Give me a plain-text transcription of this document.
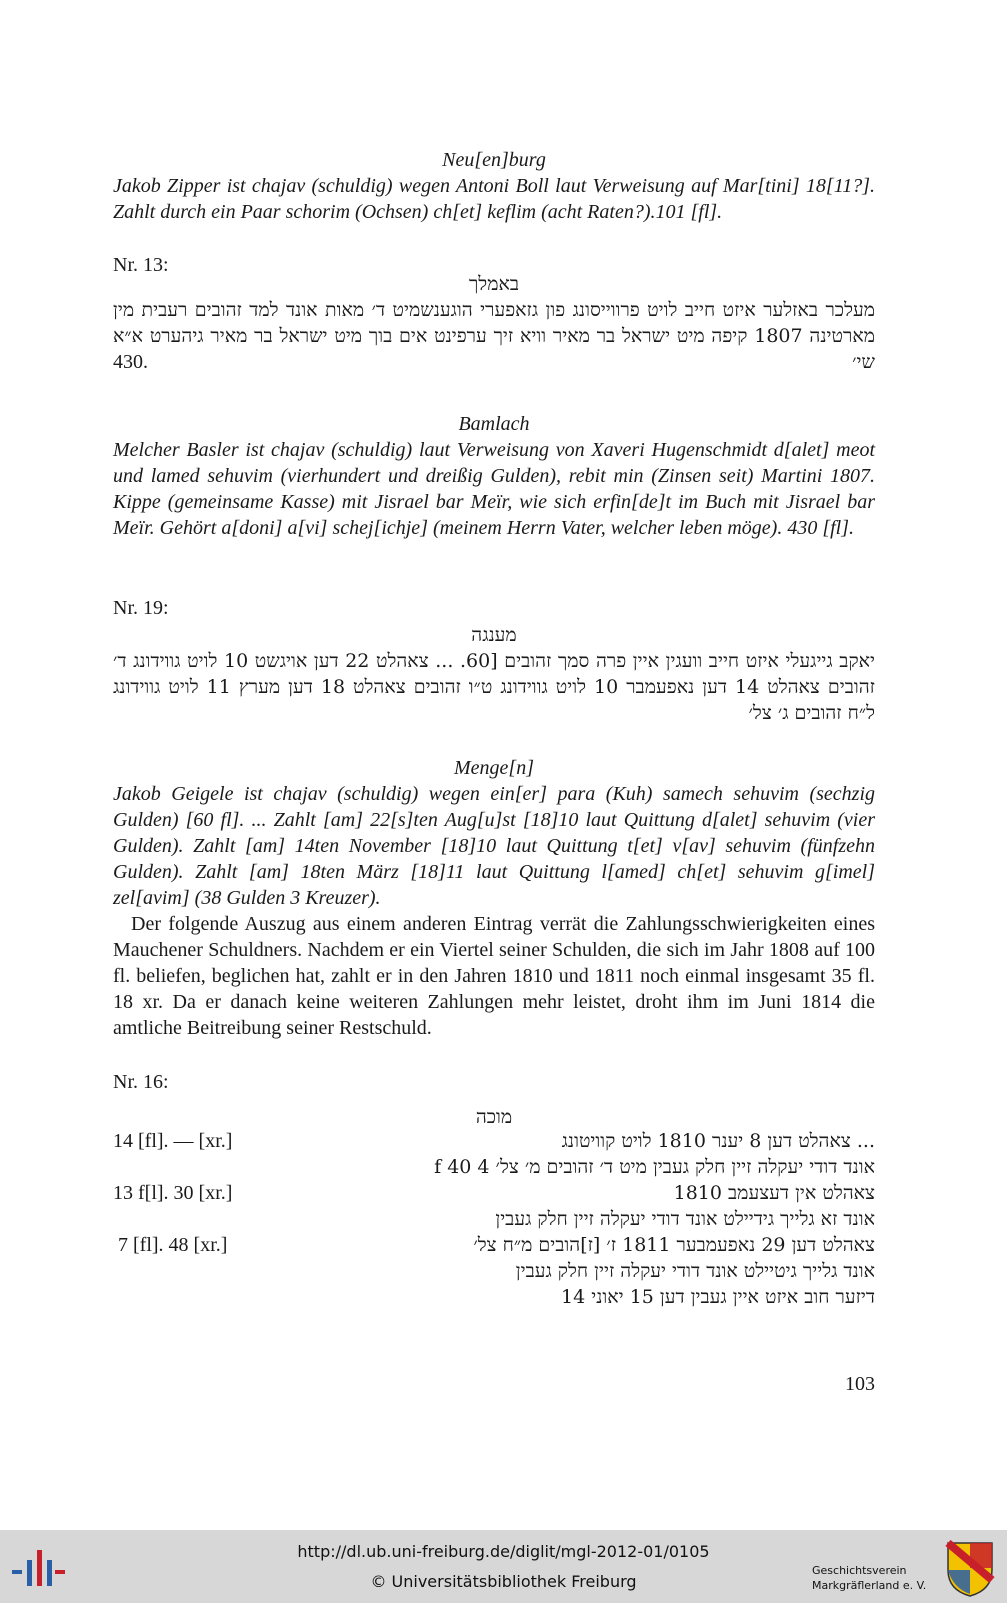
Neu[en]burg
Jakob Zipper ist chajav (schuldig) wegen Antoni Boll laut Verweisung auf Mar[tini] 18[11?]. Zahlt durch ein Paar schorim (Ochsen) ch[et] keflim (acht Raten?).101 [fl].
Nr. 13:
באמלך
מעלכר באזלער איזט חייב לויט פרווייסונג פון גזאפערי הוגענשמיט ד׳ מאות אונד למד זהובים רעבית מין מארטינה 1807 קיפה מיט ישראל בר מאיר וויא זיך ערפינט אים בוך מיט ישראל בר מאיר גיהערט א״א שי׳
430.
Bamlach
Melcher Basler ist chajav (schuldig) laut Verweisung von Xaveri Hugenschmidt d[alet] meot und lamed sehuvim (vierhundert und dreißig Gulden), rebit min (Zinsen seit) Martini 1807. Kippe (gemeinsame Kasse) mit Jisrael bar Meïr, wie sich erfin[de]t im Buch mit Jisrael bar Meïr. Gehört a[doni] a[vi] schej[ichje] (meinem Herrn Vater, welcher leben möge). 430 [fl].
Nr. 19:
מענגה
יאקב גייגעלי איזט חייב וועגין איין פרה סמך זהובים [60. ... צאהלט 22 דען אויגשט 10 לויט גווידונג ד׳ זהובים צאהלט 14 דען נאפעמבר 10 לויט גווידונג ט״ו זהובים צאהלט 18 דען מערץ 11 לויט גווידונג ל״ח זהובים ג׳ צל׳
Menge[n]
Jakob Geigele ist chajav (schuldig) wegen ein[er] para (Kuh) samech sehuvim (sechzig Gulden) [60 fl]. ... Zahlt [am] 22[s]ten Aug[u]st [18]10 laut Quittung d[alet] sehuvim (vier Gulden). Zahlt [am] 14ten November [18]10 laut Quittung t[et] v[av] sehuvim (fünfzehn Gulden). Zahlt [am] 18ten März [18]11 laut Quittung l[amed] ch[et] sehuvim g[imel] zel[avim] (38 Gulden 3 Kreuzer).
Der folgende Auszug aus einem anderen Eintrag verrät die Zahlungsschwierigkeiten eines Mauchener Schuldners. Nachdem er ein Viertel seiner Schulden, die sich im Jahr 1808 auf 100 fl. beliefen, beglichen hat, zahlt er in den Jahren 1810 und 1811 noch einmal insgesamt 35 fl. 18 xr. Da er danach keine weiteren Zahlungen mehr leistet, droht ihm im Juni 1814 die amtliche Beitreibung seiner Restschuld.
Nr. 16:
מוכה
... צאהלט דען 8 יענר 1810 לויט קוויטונג
אונד דודי יעקלה זיין חלק געבין מיט ד׳ זהובים מ׳ צל׳ 4 f 40
צאהלט אין דעצעמב 1810
אונד זא גלייך גידיילט אונד דודי יעקלה זיין חלק געבין
צאהלט דען 29 נאפעמבער 1811 ז׳ [ז]הובים מ״ח צל׳
אונד גלייך גיטיילט אונד דודי יעקלה זיין חלק געבין
דיזער חוב איזט איין געבין דען 15 יאוני 14
14 [fl]. — [xr.]
13 f[l]. 30 [xr.]
7 [fl]. 48 [xr.]
103
http://dl.ub.uni-freiburg.de/diglit/mgl-2012-01/0105
© Universitätsbibliothek Freiburg
Geschichtsverein
Markgräflerland e. V.
